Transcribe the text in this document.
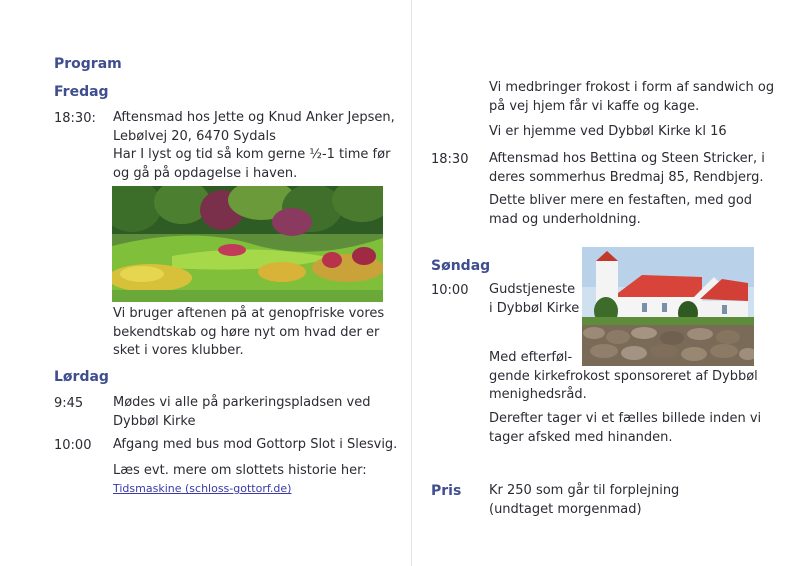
Program
Fredag
18:30: Aftensmad hos Jette og Knud Anker Jepsen,
Lebølvej 20, 6470 Sydals
Har I lyst og tid så kom gerne ½-1 time før
og gå på opdagelse i haven.
Vi bruger aftenen på at genopfriske vores
bekendtskab og høre nyt om hvad der er
sket i vores klubber.
Lørdag
9:45 Mødes vi alle på parkeringspladsen ved
Dybbøl Kirke
10:00 Afgang med bus mod Gottorp Slot i Slesvig.
Læs evt. mere om slottets historie her:
Tidsmaskine (schloss-gottorf.de)
Vi medbringer frokost i form af sandwich og
på vej hjem får vi kaffe og kage.
Vi er hjemme ved Dybbøl Kirke kl 16
18:30 Aftensmad hos Bettina og Steen Stricker, i
deres sommerhus Bredmaj 85, Rendbjerg.
Dette bliver mere en festaften, med god
mad og underholdning.
Søndag
10:00 Gudstjeneste
i Dybbøl Kirke
Med efterføl-
gende kirkefrokost sponsoreret af Dybbøl
menighedsråd.
Derefter tager vi et fælles billede inden vi
tager afsked med hinanden.
Pris Kr 250 som går til forplejning
(undtaget morgenmad)
